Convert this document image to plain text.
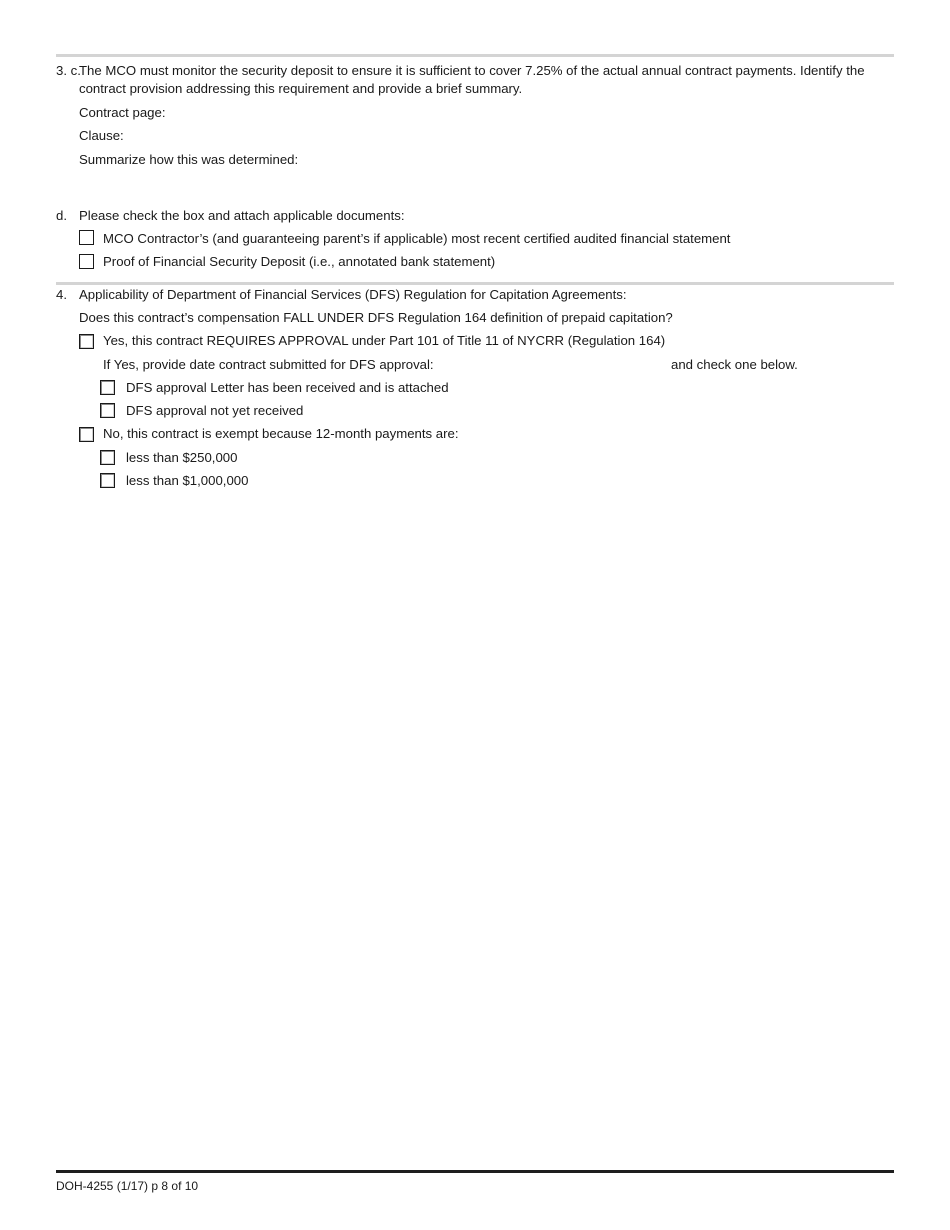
3. c.
The MCO must monitor the security deposit to ensure it is sufficient to cover 7.25% of the actual annual contract payments. Identify the
contract provision addressing this requirement and provide a brief summary.
Contract page:
Clause:
Summarize how this was determined:
d. Please check the box and attach applicable documents:
MCO Contractor’s (and guaranteeing parent’s if applicable) most recent certified audited financial statement
Proof of Financial Security Deposit (i.e., annotated bank statement)
4. Applicability of Department of Financial Services (DFS) Regulation for Capitation Agreements:
Does this contract’s compensation FALL UNDER DFS Regulation 164 definition of prepaid capitation?
Yes, this contract REQUIRES APPROVAL under Part 101 of Title 11 of NYCRR (Regulation 164)
If Yes, provide date contract submitted for DFS approval:	and check one below.
DFS approval Letter has been received and is attached
DFS approval not yet received
No, this contract is exempt because 12-month payments are:
less than $250,000
less than $1,000,000
DOH-4255 (1/17) p 8 of 10
